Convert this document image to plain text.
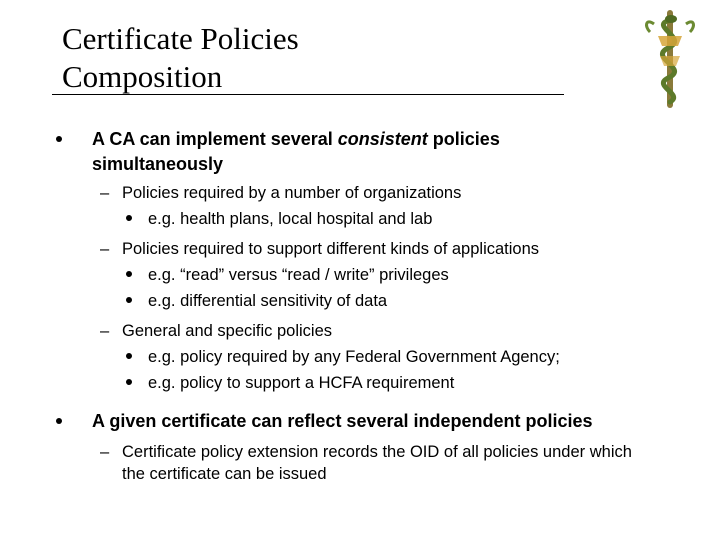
Certificate Policies
Composition
A CA can implement several consistent policies
simultaneously
– Policies required by a number of organizations
e.g. health plans, local hospital and lab
– Policies required to support different kinds of applications
e.g. “read” versus “read / write” privileges
e.g. differential sensitivity of data
– General and specific policies
e.g. policy required by any Federal Government Agency;
e.g. policy to support a HCFA requirement
A given certificate can reflect several independent policies
– Certificate policy extension records the OID of all policies under which
the certificate can be issued
